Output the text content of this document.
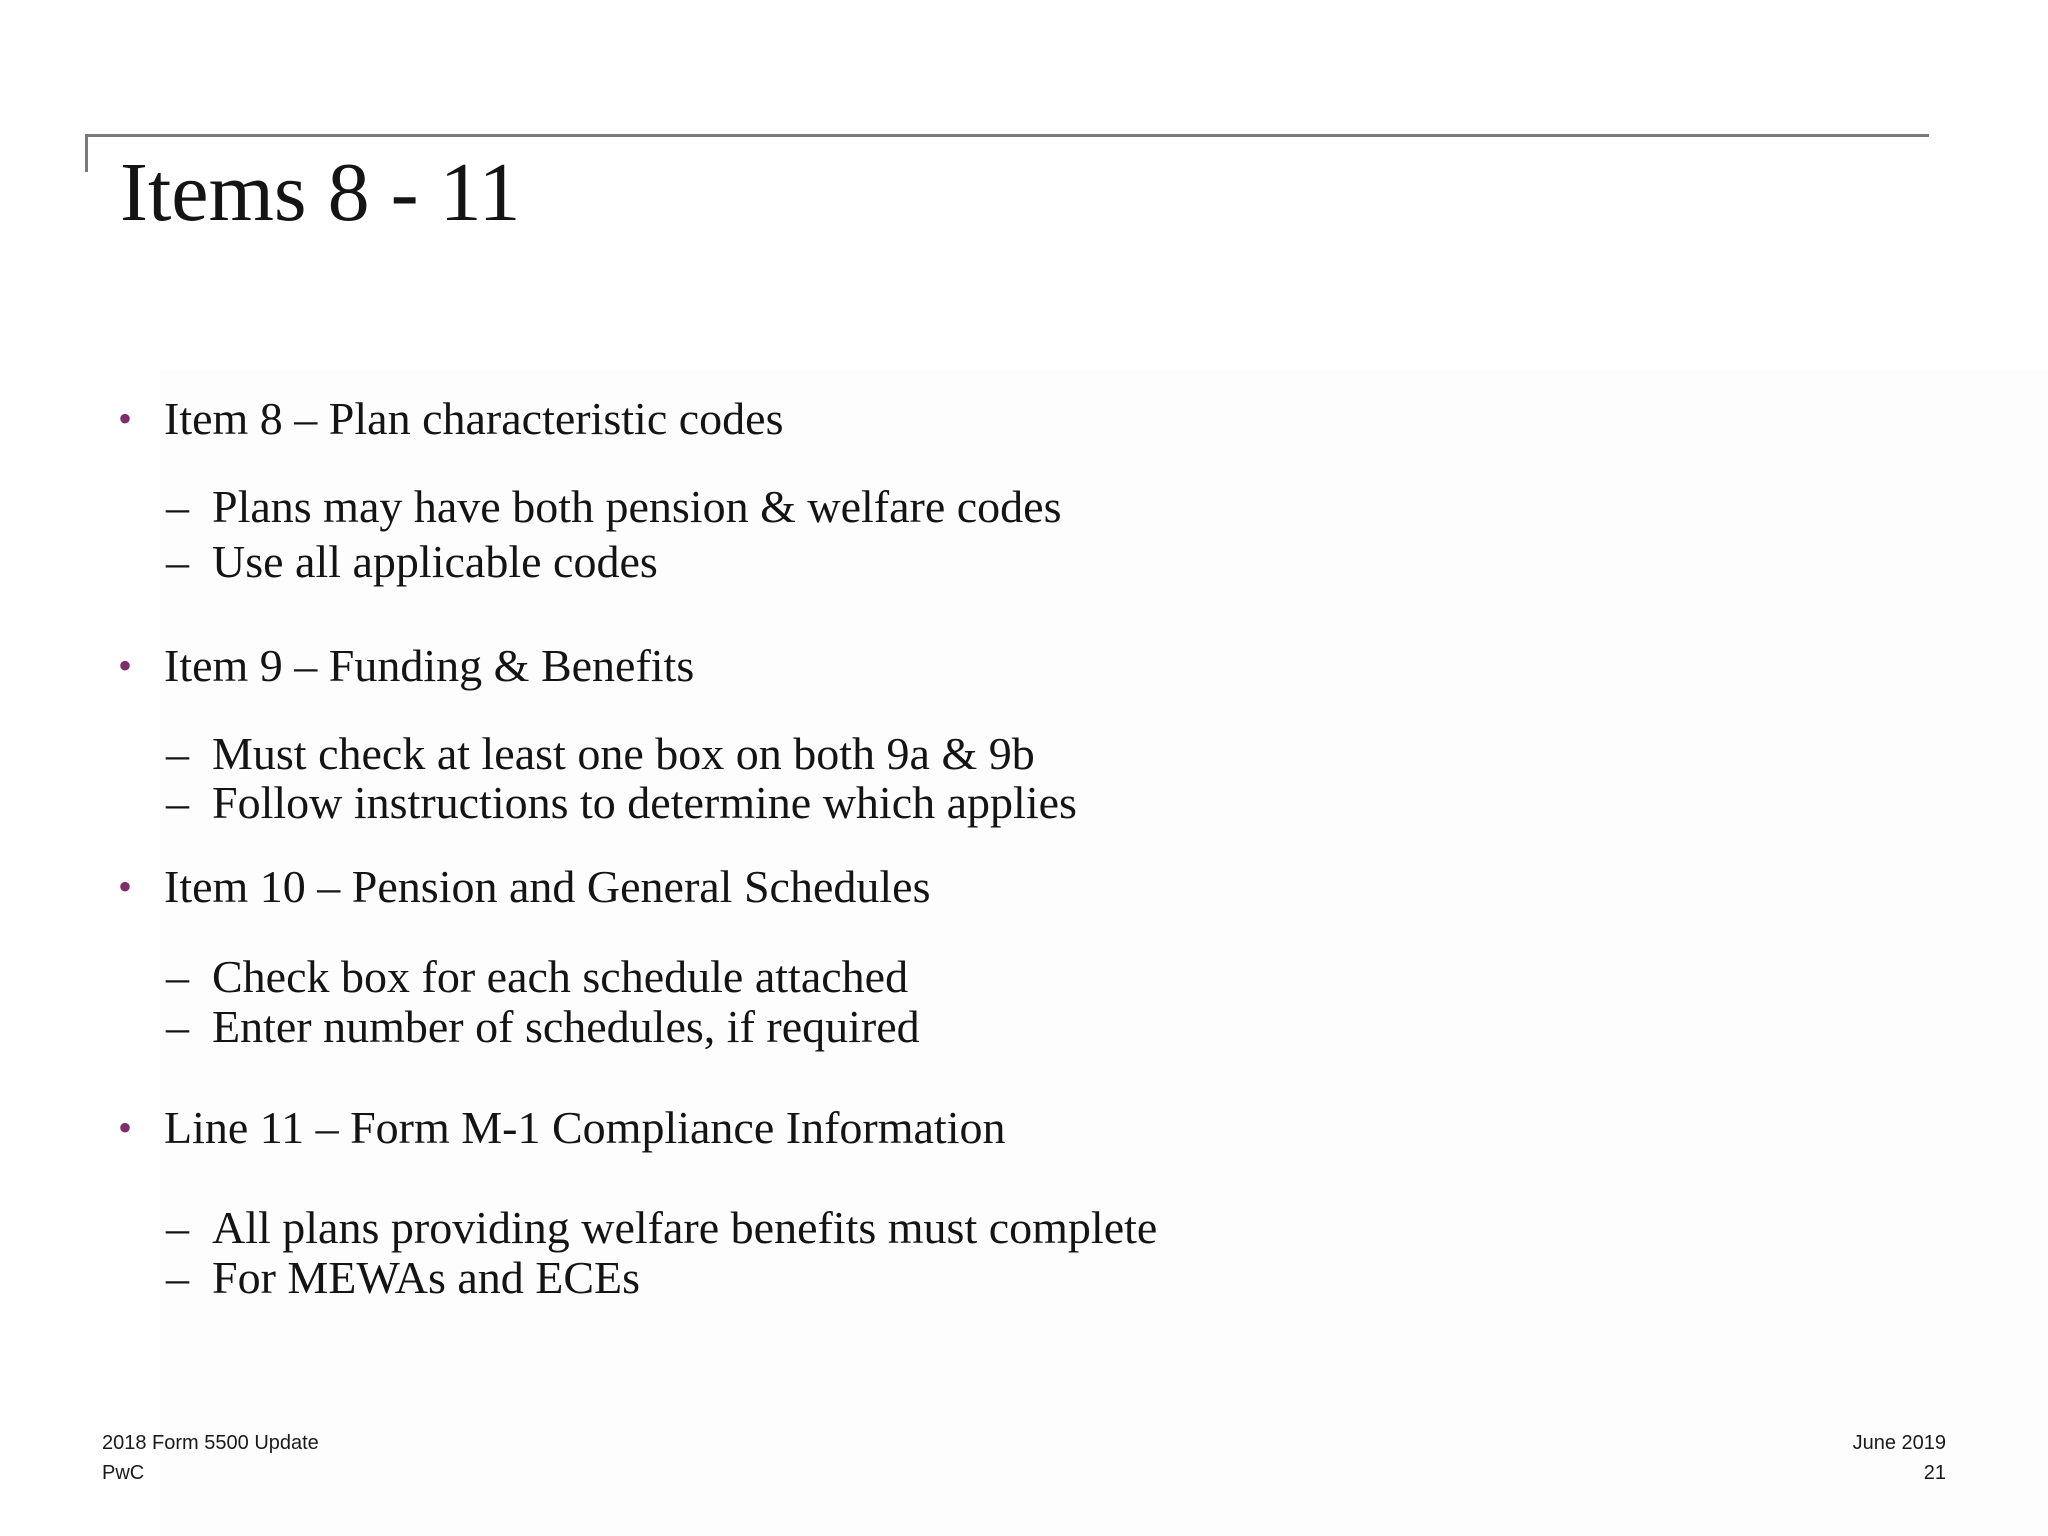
Items 8 - 11
• Item 8 – Plan characteristic codes
– Plans may have both pension & welfare codes
– Use all applicable codes
• Item 9 – Funding & Benefits
– Must check at least one box on both 9a & 9b
– Follow instructions to determine which applies
• Item 10 – Pension and General Schedules
– Check box for each schedule attached
– Enter number of schedules, if required
• Line 11 – Form M-1 Compliance Information
– All plans providing welfare benefits must complete
– For MEWAs and ECEs
2018 Form 5500 Update
PwC
June 2019
21
